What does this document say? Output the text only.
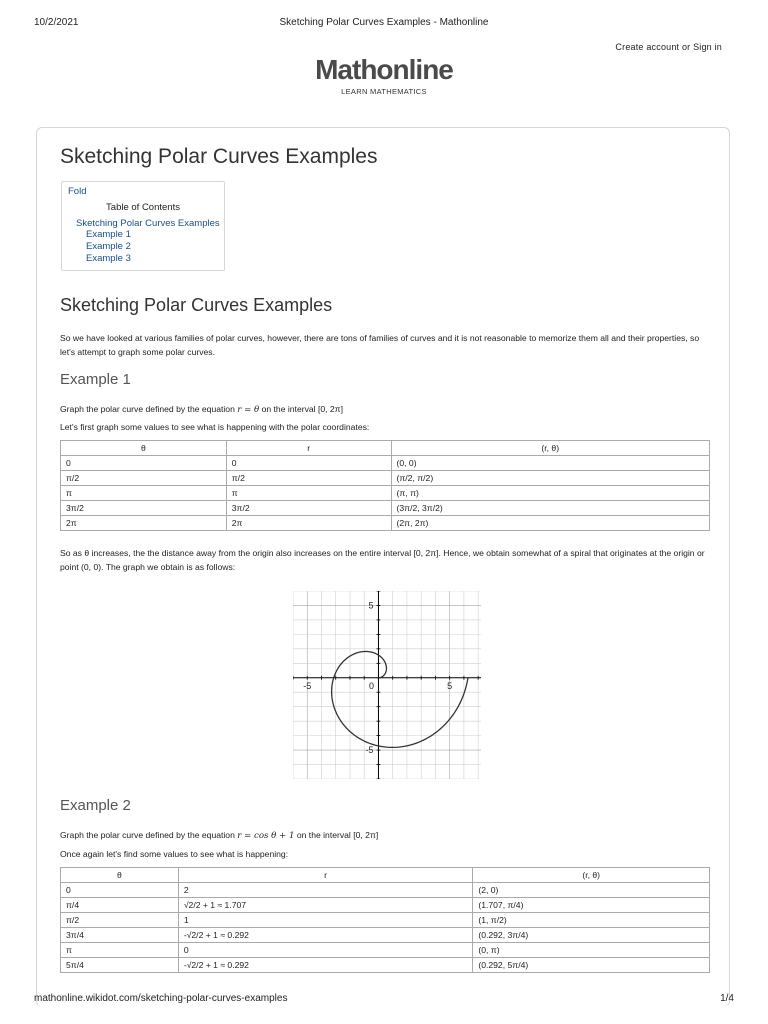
10/2/2021	Sketching Polar Curves Examples - Mathonline
Create account or Sign in
Mathonline
LEARN MATHEMATICS
Sketching Polar Curves Examples
Fold
Table of Contents
Sketching Polar Curves Examples
Example 1
Example 2
Example 3
Sketching Polar Curves Examples

So we have looked at various families of polar curves, however, there are tons of families of curves and it is not reasonable to memorize them all and their properties, so let's attempt to graph some polar curves.

Example 1

Graph the polar curve defined by the equation r = θ on the interval [0, 2π]

Let's first graph some values to see what is happening with the polar coordinates:

θ	r	(r, θ)
0	0	(0, 0)
π/2	π/2	(π/2, π/2)
π	π	(π, π)
3π/2	3π/2	(3π/2, 3π/2)
2π	2π	(2π, 2π)

So as θ increases, the the distance away from the origin also increases on the entire interval [0, 2π]. Hence, we obtain somewhat of a spiral that originates at the origin or point (0, 0). The graph we obtain is as follows:

-5	0	5
5
-5
Example 2

Graph the polar curve defined by the equation r = cos θ + 1 on the interval [0, 2π]

Once again let's find some values to see what is happening:

θ	r	(r, θ)
0	2	(2, 0)
π/4	√2/2 + 1 ≈ 1.707	(1.707, π/4)
π/2	1	(1, π/2)
3π/4	-√2/2 + 1 ≈ 0.292	(0.292, 3π/4)
π	0	(0, π)
5π/4	-√2/2 + 1 ≈ 0.292	(0.292, 5π/4)
mathonline.wikidot.com/sketching-polar-curves-examples	1/4
